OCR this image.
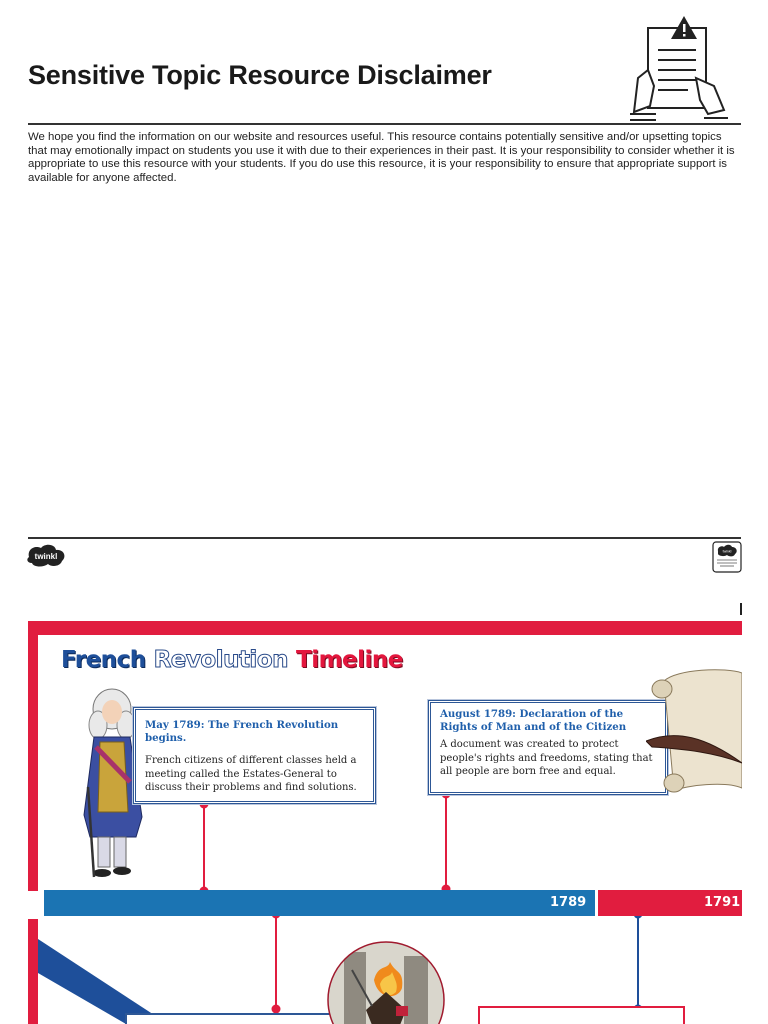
Sensitive Topic Resource Disclaimer

We hope you find the information on our website and resources useful. This resource contains potentially sensitive and/or upsetting topics that may emotionally impact on students you use it with due to their experiences in their past. It is your responsibility to consider whether it is appropriate to use this resource with your students. If you do use this resource, it is your responsibility to ensure that appropriate support is available for anyone affected.

twinkl
twinkl
French Revolution Timeline
May 1789: The French Revolution begins.
French citizens of different classes held a meeting called the Estates-General to discuss their problems and find solutions.
August 1789: Declaration of the Rights of Man and of the Citizen
A document was created to protect people's rights and freedoms, stating that all people are born free and equal.
1789	1791
